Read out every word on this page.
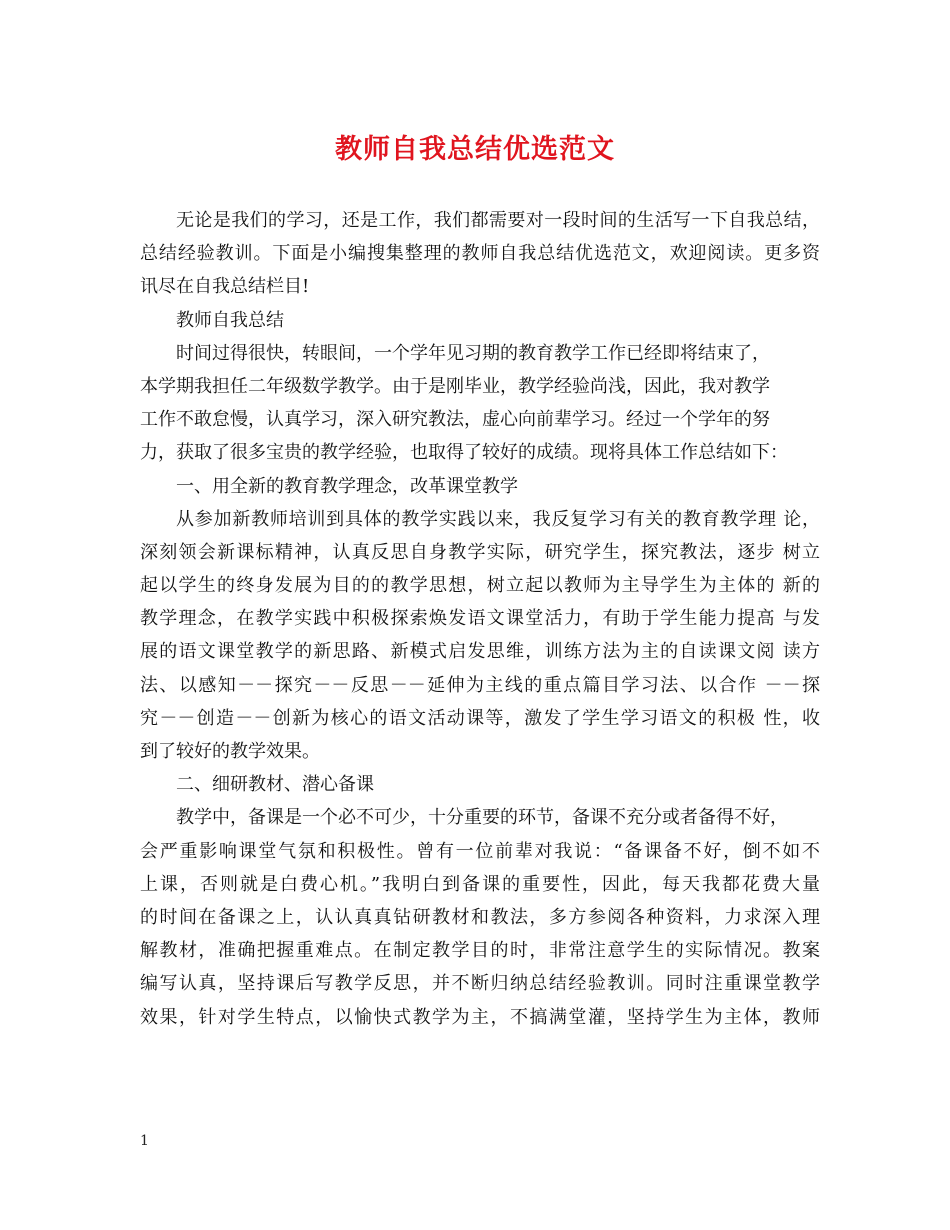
教师自我总结优选范文
无论是我们的学习，还是工作，我们都需要对一段时间的生活写一下自我总结，
总结经验教训。下面是小编搜集整理的教师自我总结优选范文，欢迎阅读。更多资
讯尽在自我总结栏目!
教师自我总结
时间过得很快，转眼间，一个学年见习期的教育教学工作已经即将结束了，
本学期我担任二年级数学教学。由于是刚毕业，教学经验尚浅，因此，我对教学
工作不敢怠慢，认真学习，深入研究教法，虚心向前辈学习。经过一个学年的努
力，获取了很多宝贵的教学经验，也取得了较好的成绩。现将具体工作总结如下：
一、用全新的教育教学理念，改革课堂教学
从参加新教师培训到具体的教学实践以来，我反复学习有关的教育教学理 论，
深刻领会新课标精神，认真反思自身教学实际，研究学生，探究教法，逐步 树立
起以学生的终身发展为目的的教学思想，树立起以教师为主导学生为主体的 新的
教学理念，在教学实践中积极探索焕发语文课堂活力，有助于学生能力提高 与发
展的语文课堂教学的新思路、新模式启发思维，训练方法为主的自读课文阅 读方
法、以感知－－探究－－反思－－延伸为主线的重点篇目学习法、以合作 －－探
究－－创造－－创新为核心的语文活动课等，激发了学生学习语文的积极 性，收
到了较好的教学效果。
二、细研教材、潜心备课
教学中，备课是一个必不可少，十分重要的环节，备课不充分或者备得不好，
会严重影响课堂气氛和积极性。曾有一位前辈对我说：“备课备不好，倒不如不
上课，否则就是白费心机。”我明白到备课的重要性，因此，每天我都花费大量
的时间在备课之上，认认真真钻研教材和教法，多方参阅各种资料，力求深入理
解教材，准确把握重难点。在制定教学目的时，非常注意学生的实际情况。教案
编写认真，坚持课后写教学反思，并不断归纳总结经验教训。同时注重课堂教学
效果，针对学生特点，以愉快式教学为主，不搞满堂灌，坚持学生为主体，教师
1
